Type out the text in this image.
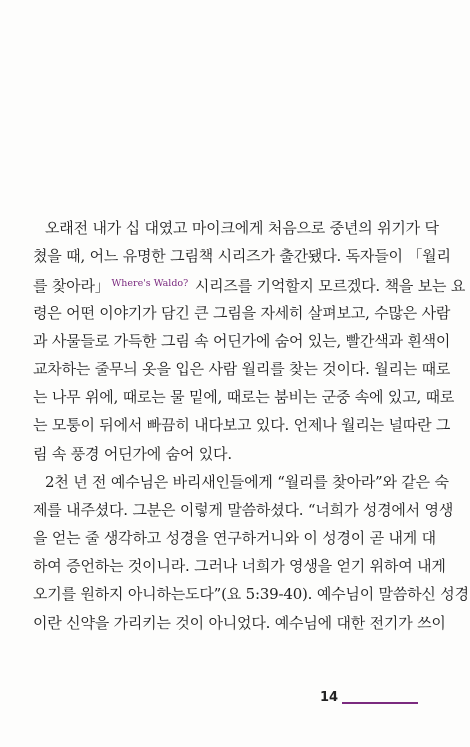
오래전 내가 십 대였고 마이크에게 처음으로 중년의 위기가 닥
쳤을 때, 어느 유명한 그림책 시리즈가 출간됐다. 독자들이 「월리
를 찾아라」 $^{Where's Waldo?}$ 시리즈를 기억할지 모르겠다. 책을 보는 요
령은 어떤 이야기가 담긴 큰 그림을 자세히 살펴보고, 수많은 사람
과 사물들로 가득한 그림 속 어딘가에 숨어 있는, 빨간색과 흰색이
교차하는 줄무늬 옷을 입은 사람 월리를 찾는 것이다. 월리는 때로
는 나무 위에, 때로는 물 밑에, 때로는 붐비는 군중 속에 있고, 때로
는 모퉁이 뒤에서 빠끔히 내다보고 있다. 언제나 월리는 널따란 그
림 속 풍경 어딘가에 숨어 있다.
2천 년 전 예수님은 바리새인들에게 “월리를 찾아라”와 같은 숙
제를 내주셨다. 그분은 이렇게 말씀하셨다. “너희가 성경에서 영생
을 얻는 줄 생각하고 성경을 연구하거니와 이 성경이 곧 내게 대
하여 증언하는 것이니라. 그러나 너희가 영생을 얻기 위하여 내게
오기를 원하지 아니하는도다”(요 5:39-40). 예수님이 말씀하신 성경
이란 신약을 가리키는 것이 아니었다. 예수님에 대한 전기가 쓰이
14
